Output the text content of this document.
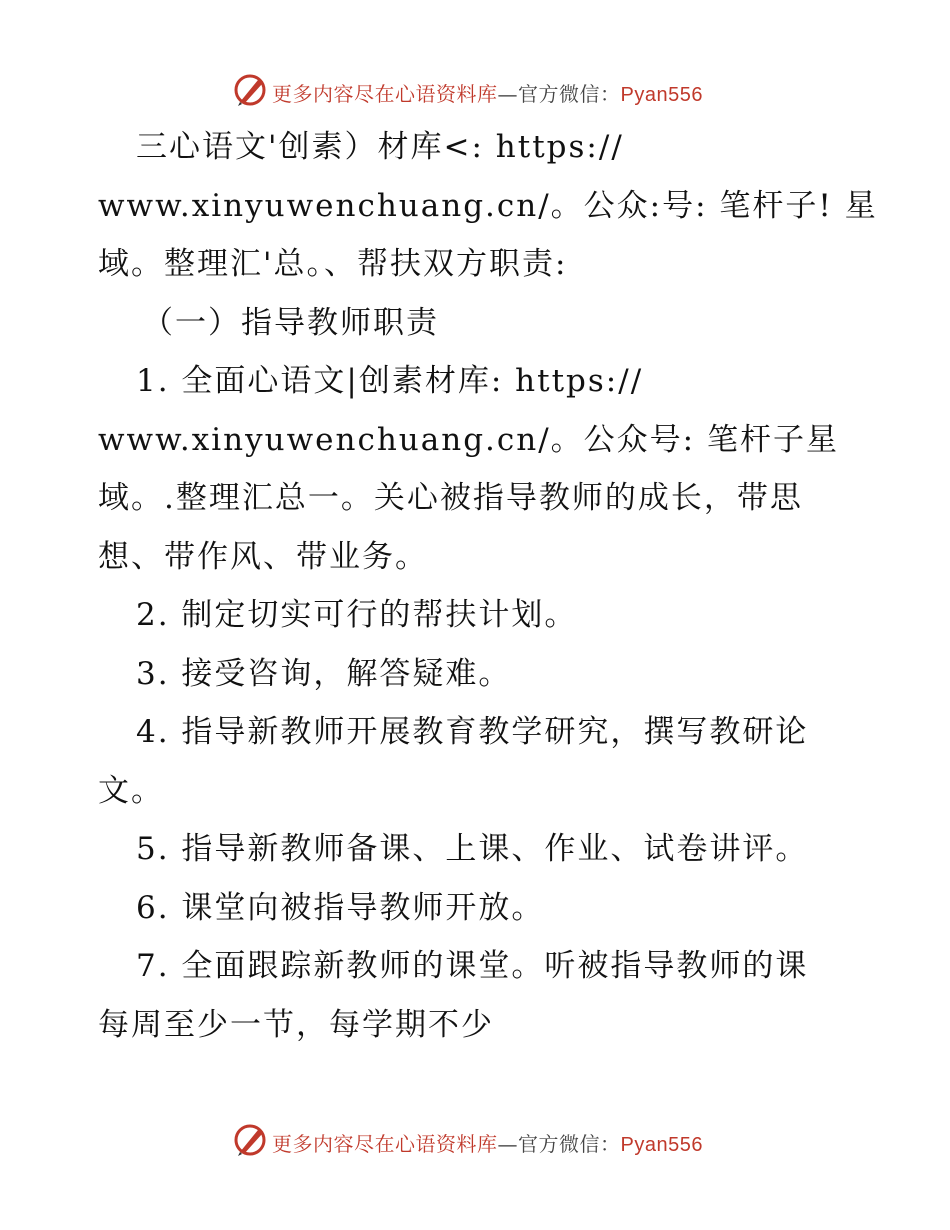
更多内容尽在心语资料库—官方微信：Pyan556
三心语文'创素）材库<: https://
www.xinyuwenchuang.cn/。公众:号: 笔杆子! 星
域。整理汇'总。、帮扶双方职责:
（一）指导教师职责
1. 全面心语文|创素材库: https://
www.xinyuwenchuang.cn/。公众号: 笔杆子星
域。.整理汇总一。关心被指导教师的成长，带思
想、带作风、带业务。
2. 制定切实可行的帮扶计划。
3. 接受咨询，解答疑难。
4. 指导新教师开展教育教学研究，撰写教研论
文。
5. 指导新教师备课、上课、作业、试卷讲评。
6. 课堂向被指导教师开放。
7. 全面跟踪新教师的课堂。听被指导教师的课
每周至少一节，每学期不少
更多内容尽在心语资料库—官方微信：Pyan556
